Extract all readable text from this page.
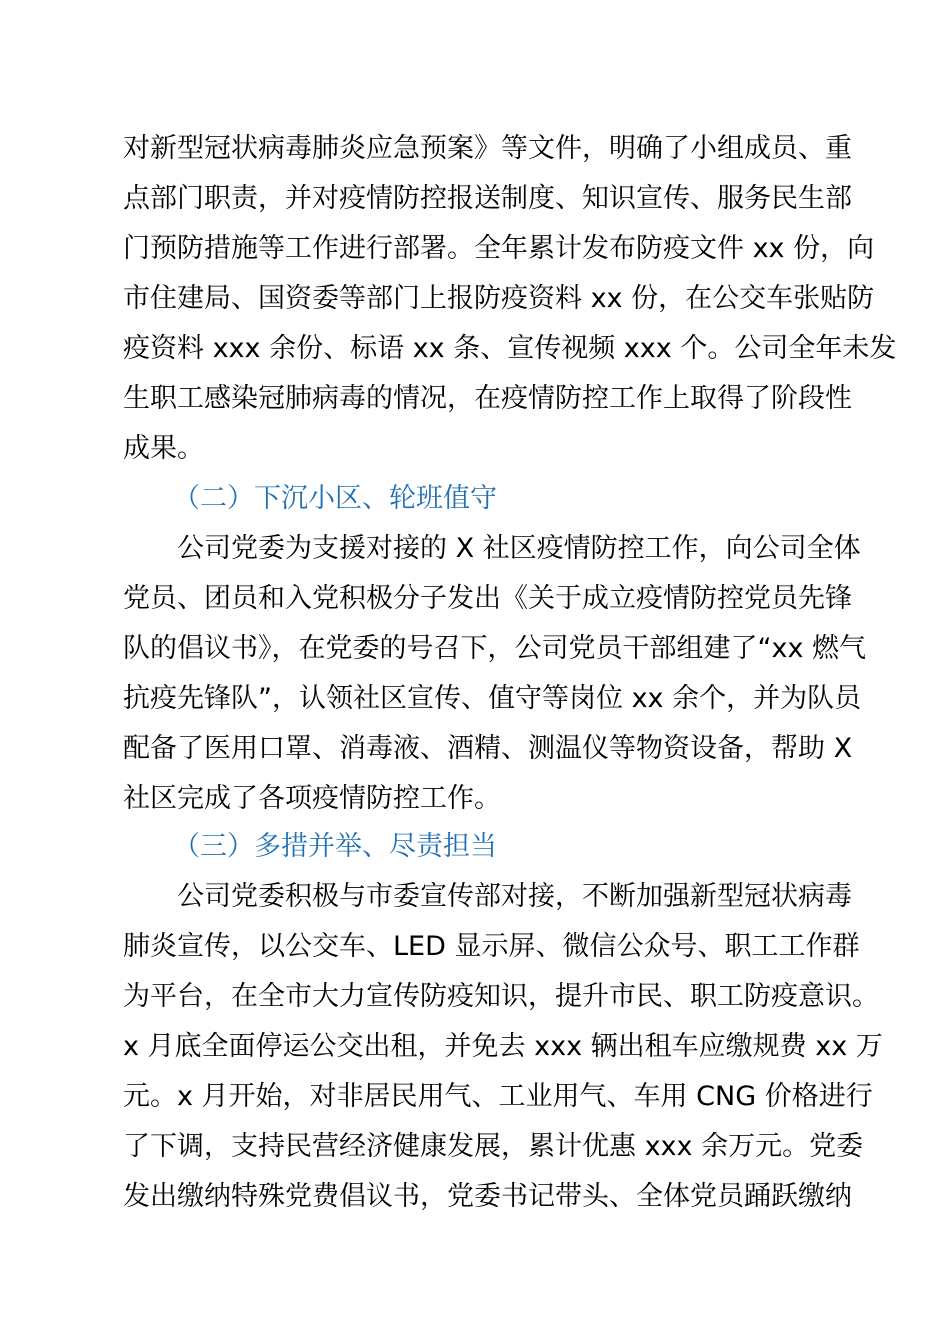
对新型冠状病毒肺炎应急预案》等文件，明确了小组成员、重
点部门职责，并对疫情防控报送制度、知识宣传、服务民生部
门预防措施等工作进行部署。全年累计发布防疫文件 xx 份，向
市住建局、国资委等部门上报防疫资料 xx 份，在公交车张贴防
疫资料 xxx 余份、标语 xx 条、宣传视频 xxx 个。公司全年未发
生职工感染冠肺病毒的情况，在疫情防控工作上取得了阶段性
成果。
（二）下沉小区、轮班值守
公司党委为支援对接的 X 社区疫情防控工作，向公司全体
党员、团员和入党积极分子发出《关于成立疫情防控党员先锋
队的倡议书》，在党委的号召下，公司党员干部组建了“xx 燃气
抗疫先锋队”，认领社区宣传、值守等岗位 xx 余个，并为队员
配备了医用口罩、消毒液、酒精、测温仪等物资设备，帮助 X
社区完成了各项疫情防控工作。
（三）多措并举、尽责担当
公司党委积极与市委宣传部对接，不断加强新型冠状病毒
肺炎宣传，以公交车、LED 显示屏、微信公众号、职工工作群
为平台，在全市大力宣传防疫知识，提升市民、职工防疫意识。
x 月底全面停运公交出租，并免去 xxx 辆出租车应缴规费 xx 万
元。x 月开始，对非居民用气、工业用气、车用 CNG 价格进行
了下调，支持民营经济健康发展，累计优惠 xxx 余万元。党委
发出缴纳特殊党费倡议书，党委书记带头、全体党员踊跃缴纳
